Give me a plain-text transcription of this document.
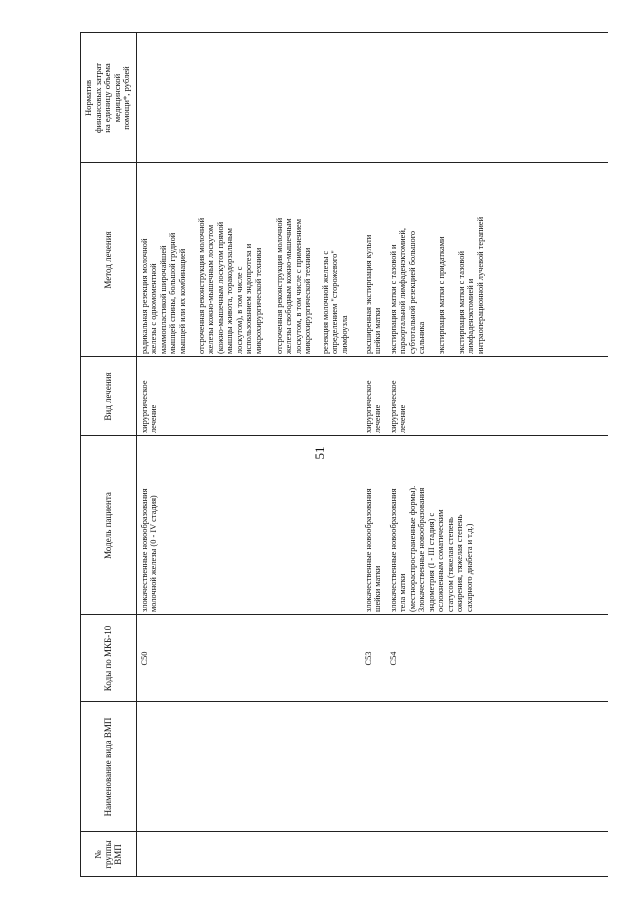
51
№
группы
ВМП
Наименование вида ВМП
Коды по МКБ-10
Модель пациента
Вид лечения
Метод лечения
Норматив
финансовых затрат
на единицу объема
медицинской
помощи*, рублей
C50
злокачественные новообразования
молочной железы (0 - IV стадия)
хирургическое
лечение
радикальная резекция молочной
железы с одномоментной
маммопластикой широчайшей
мышцей спины, большой грудной
мышцей или их комбинацией
отсроченная реконструкция молочной
железы кожно-мышечным лоскутом
(кожно-мышечным лоскутом прямой
мышцы живота, торакодорзальным
лоскутом), в том числе с
использованием эндопротеза и
микрохирургической техники
отсроченная реконструкция молочной
железы свободным кожно-мышечным
лоскутом, в том числе с применением
микрохирургической техники
резекция молочной железы с
определением "сторожевого"
лимфоузла
C53
злокачественные новообразования
шейки матки
хирургическое
лечение
расширенная экстирпация культи
шейки матки
C54
злокачественные новообразования
тела матки
(местнораспространенные формы).
Злокачественные новообразования
эндометрия (I - III стадия) с
осложненным соматическим
статусом (тяжелая степень
ожирения, тяжелая степень
сахарного диабета и т.д.)
хирургическое
лечение
экстирпация матки с тазовой и
параортальной лимфаденэктомией,
субтотальной резекцией большого
сальника экстирпация матки с придатками экстирпация матки с тазовой
лимфаденэктомией и
интраоперационной лучевой терапией
